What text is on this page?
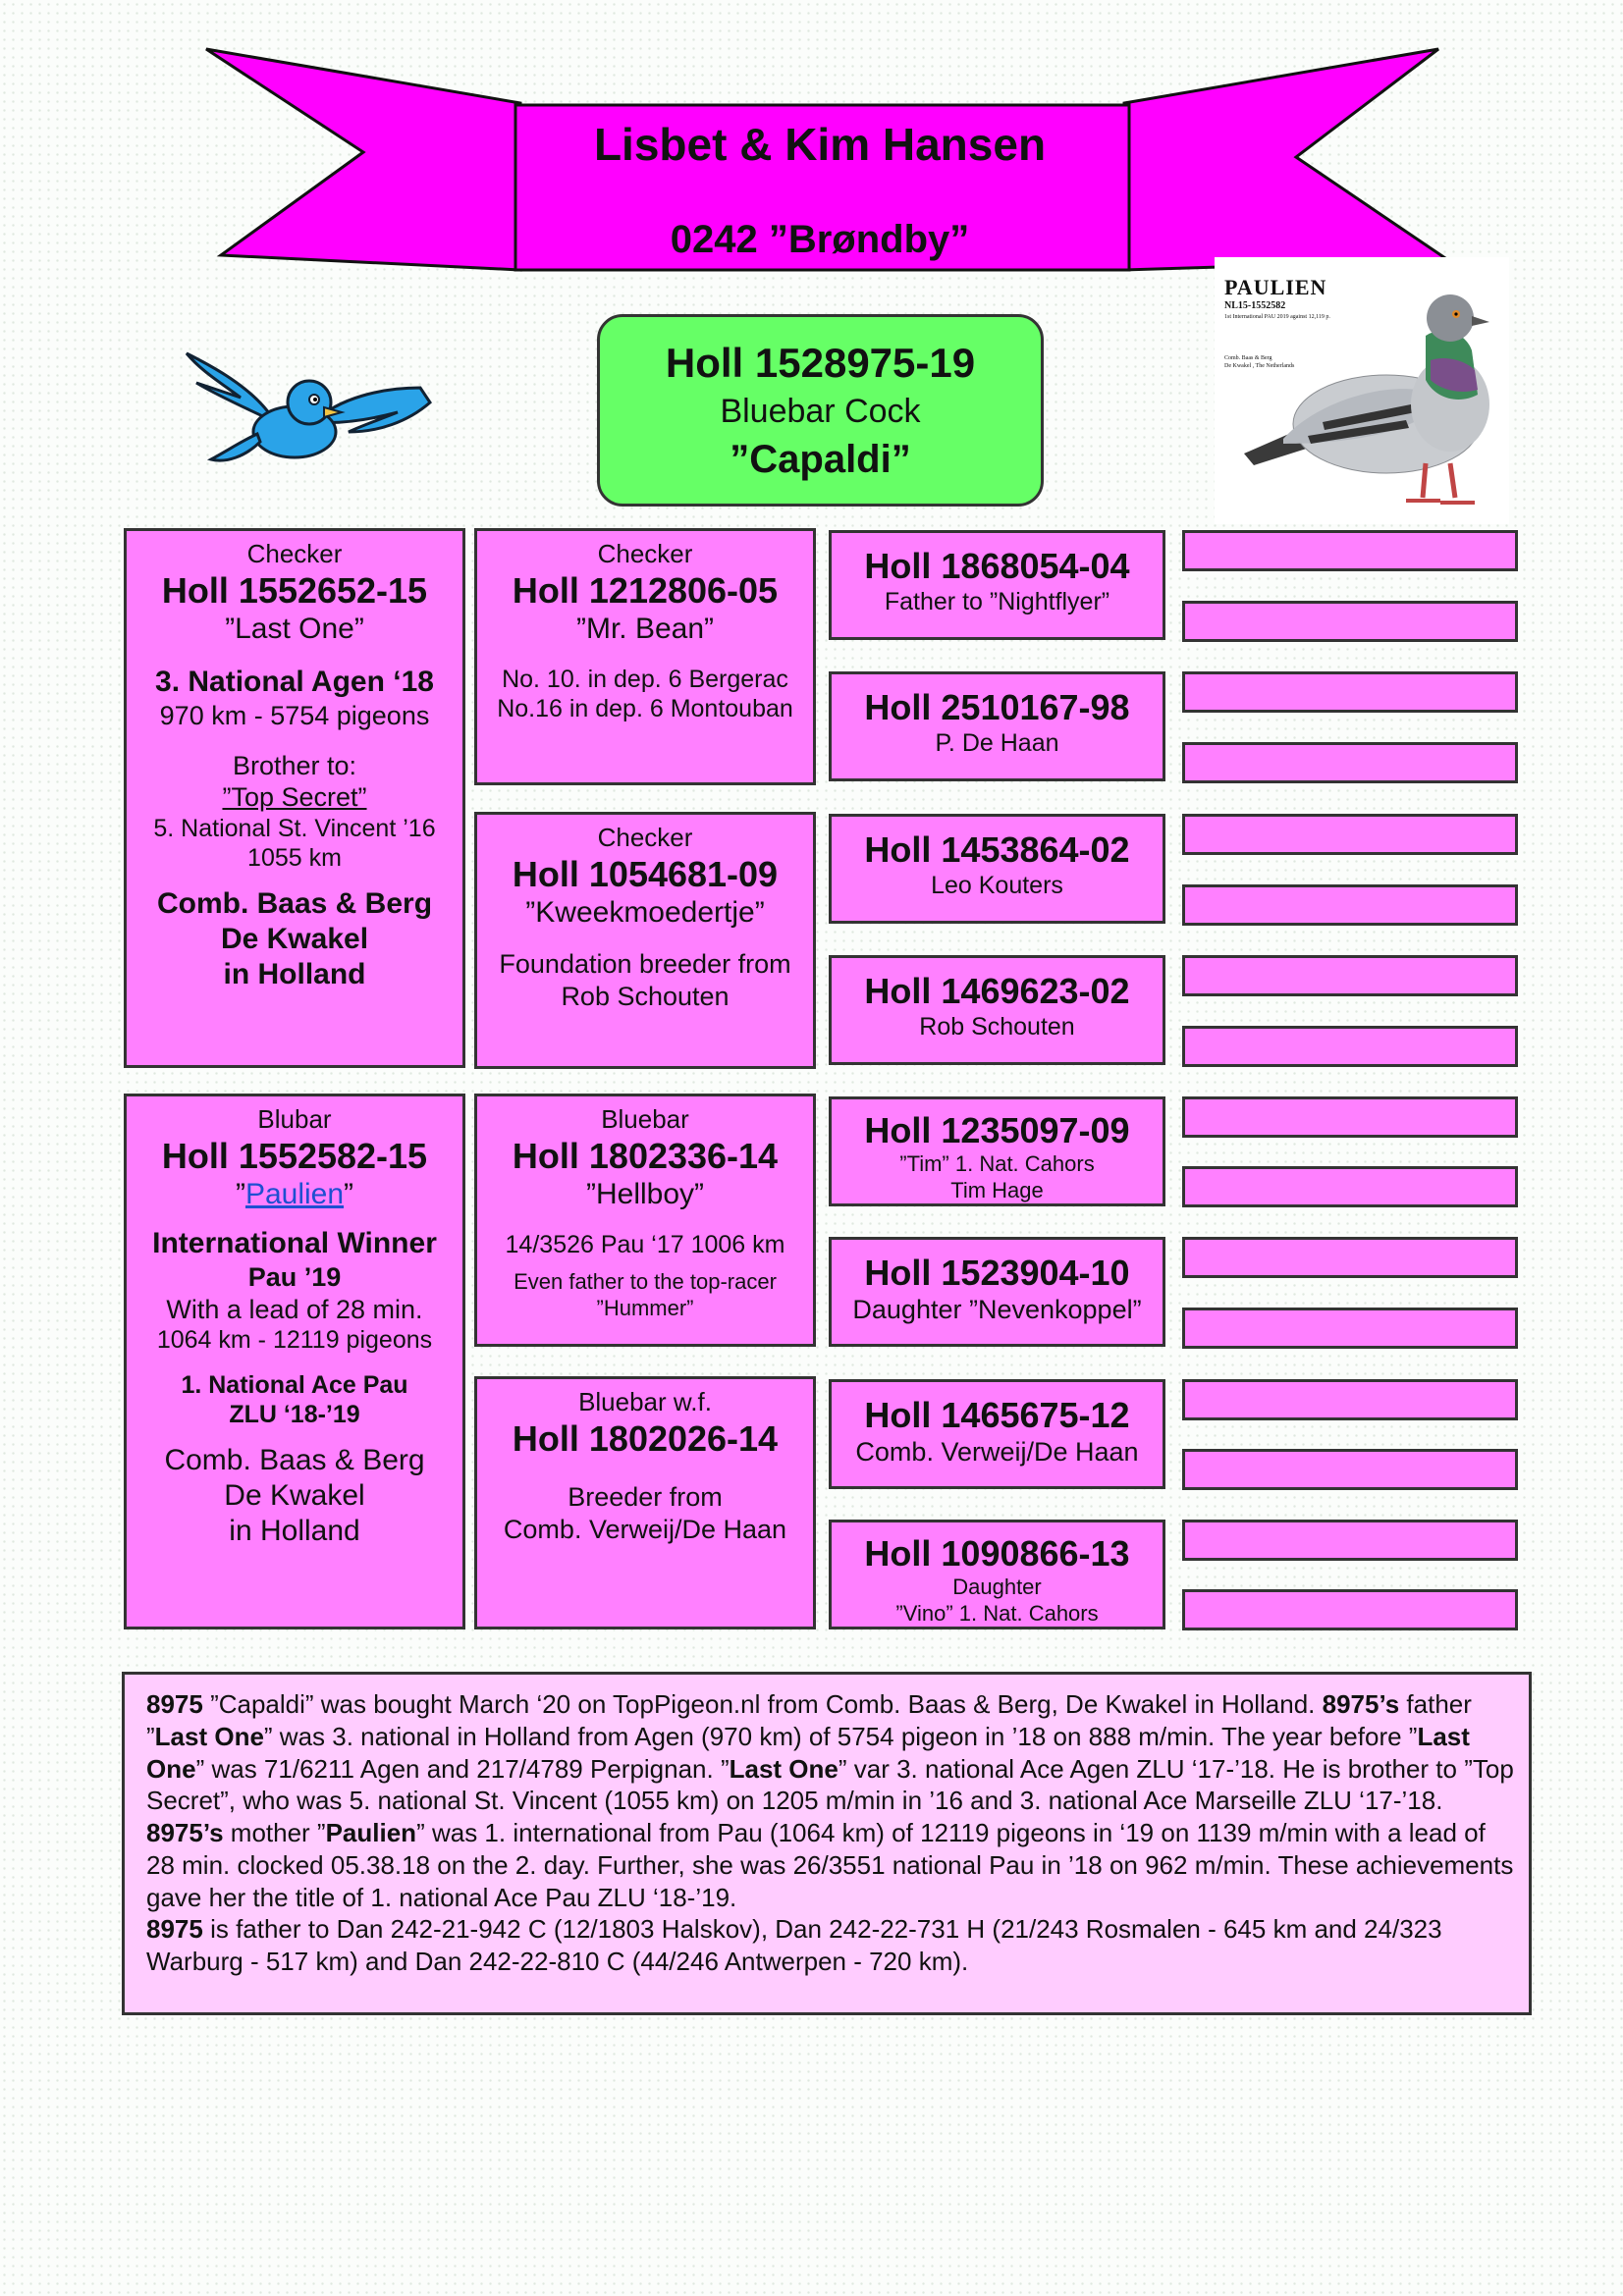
Lisbet & Kim Hansen
0242 ”Brøndby”
Holl 1528975-19
Bluebar Cock
”Capaldi”
PAULIEN
NL15-1552582
1st International PAU 2019 against 12,119 p.
Comb. Baas & Berg
De Kwakel , The Netherlands
Checker
Holl 1552652-15
”Last One”
3. National Agen ‘18
970 km - 5754 pigeons
Brother to:
”Top Secret”
5. National St. Vincent ’16
1055 km
Comb. Baas & Berg
De Kwakel
in Holland
Checker
Holl 1212806-05
”Mr. Bean”
No. 10. in dep. 6 Bergerac
No.16 in dep. 6 Montouban
Checker
Holl 1054681-09
”Kweekmoedertje”
Foundation breeder from
Rob Schouten
Blubar
Holl 1552582-15
”Paulien”
International Winner
Pau ’19
With a lead of 28 min.
1064 km - 12119 pigeons
1. National Ace Pau
ZLU ‘18-’19
Comb. Baas & Berg
De Kwakel
in Holland
Bluebar
Holl 1802336-14
”Hellboy”
14/3526 Pau ‘17 1006 km
Even father to the top-racer
”Hummer”
Bluebar w.f.
Holl 1802026-14
Breeder from
Comb. Verweij/De Haan
Holl 1868054-04
Father to ”Nightflyer”
Holl 2510167-98
P. De Haan
Holl 1453864-02
Leo Kouters
Holl 1469623-02
Rob Schouten
Holl 1235097-09
”Tim” 1. Nat. Cahors
Tim Hage
Holl 1523904-10
Daughter ”Nevenkoppel”
Holl 1465675-12
Comb. Verweij/De Haan
Holl 1090866-13
Daughter
”Vino” 1. Nat. Cahors

8975 ”Capaldi” was bought March ‘20 on TopPigeon.nl from Comb. Baas & Berg, De Kwakel in Holland. 8975’s father ”Last One” was 3. national in Holland from Agen (970 km) of 5754 pigeon in ’18 on 888 m/min. The year before ”Last One” was 71/6211 Agen and 217/4789 Perpignan. ”Last One” var 3. national Ace Agen ZLU ‘17-’18. He is brother to ”Top Secret”, who was 5. national St. Vincent (1055 km) on 1205 m/min in ’16 and 3. national Ace Marseille ZLU ‘17-’18.

8975’s mother ”Paulien” was 1. international from Pau (1064 km) of 12119 pigeons in ‘19 on 1139 m/min with a lead of 28 min. clocked 05.38.18 on the 2. day. Further, she was 26/3551 national Pau in ’18 on 962 m/min. These achievements gave her the title of 1. national Ace Pau ZLU ‘18-’19.

8975 is father to Dan 242-21-942 C (12/1803 Halskov), Dan 242-22-731 H (21/243 Rosmalen - 645 km and 24/323 Warburg - 517 km) and Dan 242-22-810 C (44/246 Antwerpen - 720 km).
